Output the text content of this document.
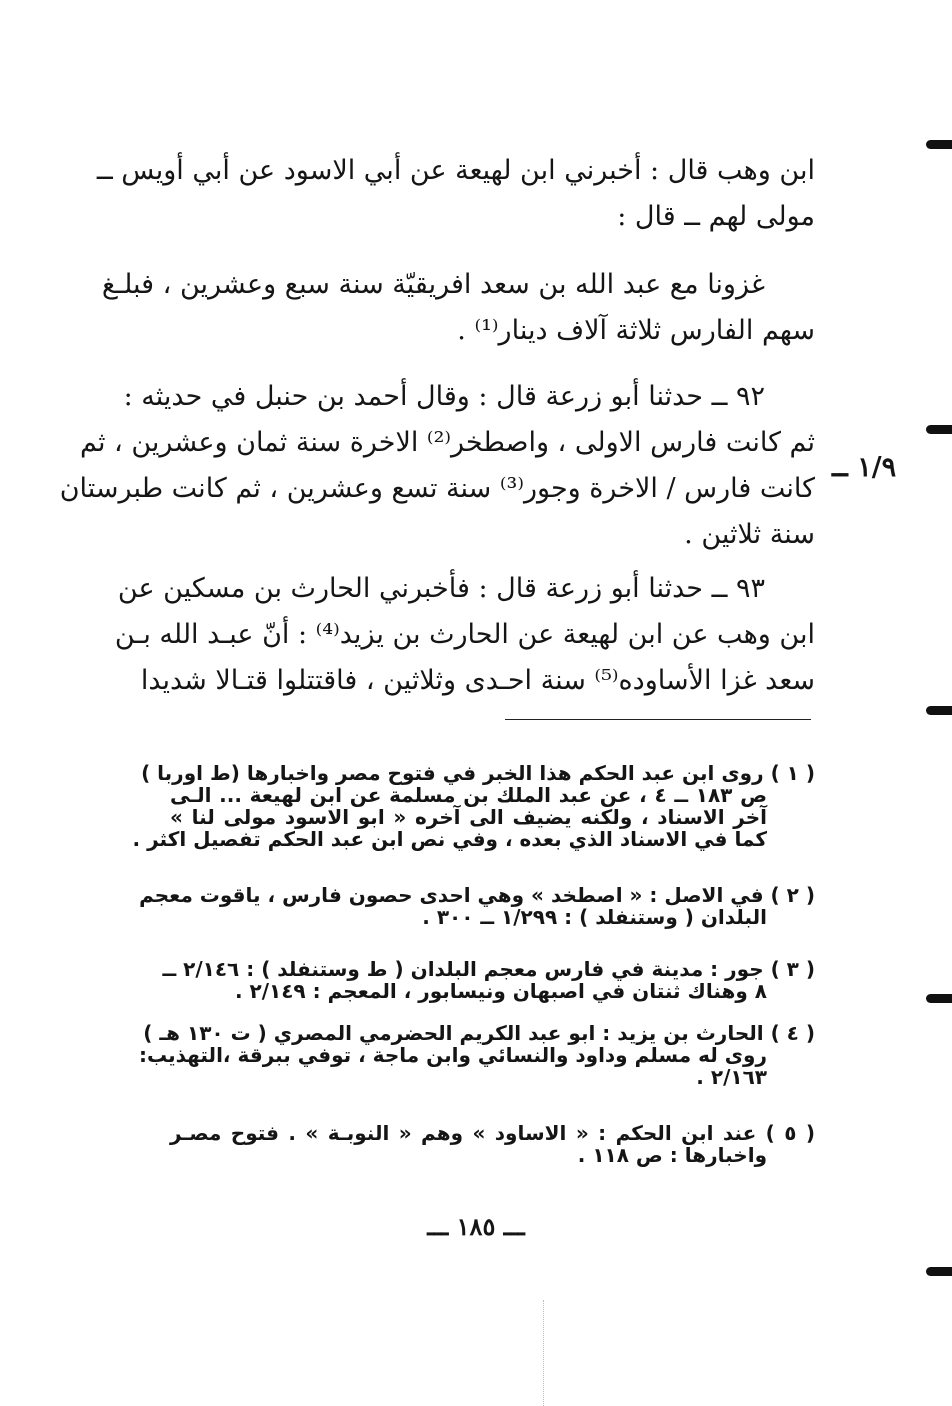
ابن وهب قال : أخبرني ابن لهيعة عن أبي الاسود عن أبي أويس ــ
مولى لهم ــ قال :
غزونا مع عبد الله بن سعد افريقيّة سنة سبع وعشرين ، فبلـغ
سهم الفارس ثلاثة آلاف دينار⁽¹⁾ .
٩٢ ــ حدثنا أبو زرعة قال : وقال أحمد بن حنبل في حديثه :
ثم كانت فارس الاولى ، واصطخر⁽²⁾ الاخرة سنة ثمان وعشرين ، ثم
كانت فارس / الاخرة وجور⁽³⁾ سنة تسع وعشرين ، ثم كانت طبرستان
سنة ثلاثين .
١/٩ ــ
٩٣ ــ حدثنا أبو زرعة قال : فأخبرني الحارث بن مسكين عن
ابن وهب عن ابن لهيعة عن الحارث بن يزيد⁽⁴⁾ : أنّ عبـد الله بـن
سعد غزا الأساوده⁽⁵⁾ سنة احـدى وثلاثين ، فاقتتلوا قتـالا شديدا
( ١ ) روى ابن عبد الحكم هذا الخبر في فتوح مصر واخبارها (ط اوربا )
ص ١٨٣ ــ ٤ ، عن عبد الملك بن مسلمة عن ابن لهيعة ... الـى
آخر الاسناد ، ولكنه يضيف الى آخره « ابو الاسود مولى لنا »
كما في الاسناد الذي بعده ، وفي نص ابن عبد الحكم تفصيل اكثر .
( ٢ ) في الاصل : « اصطخد » وهي احدى حصون فارس ، ياقوت معجم
البلدان ( وستنفلد ) : ١/٢٩٩ ــ ٣٠٠ .
( ٣ ) جور : مدينة في فارس معجم البلدان ( ط وستنفلد ) : ٢/١٤٦ ــ
٨ وهناك ثنتان في اصبهان ونيسابور ، المعجم : ٢/١٤٩ .
( ٤ ) الحارث بن يزيد : ابو عبد الكريم الحضرمي المصري ( ت ١٣٠ هـ )
روى له مسلم وداود والنسائي وابن ماجة ، توفي ببرقة ،التهذيب:
٢/١٦٣ .
( ٥ ) عند ابن الحكم : « الاساود » وهم « النوبـة » . فتوح مصـر
واخبارها : ص ١١٨ .
ـــ ١٨٥ ـــ
